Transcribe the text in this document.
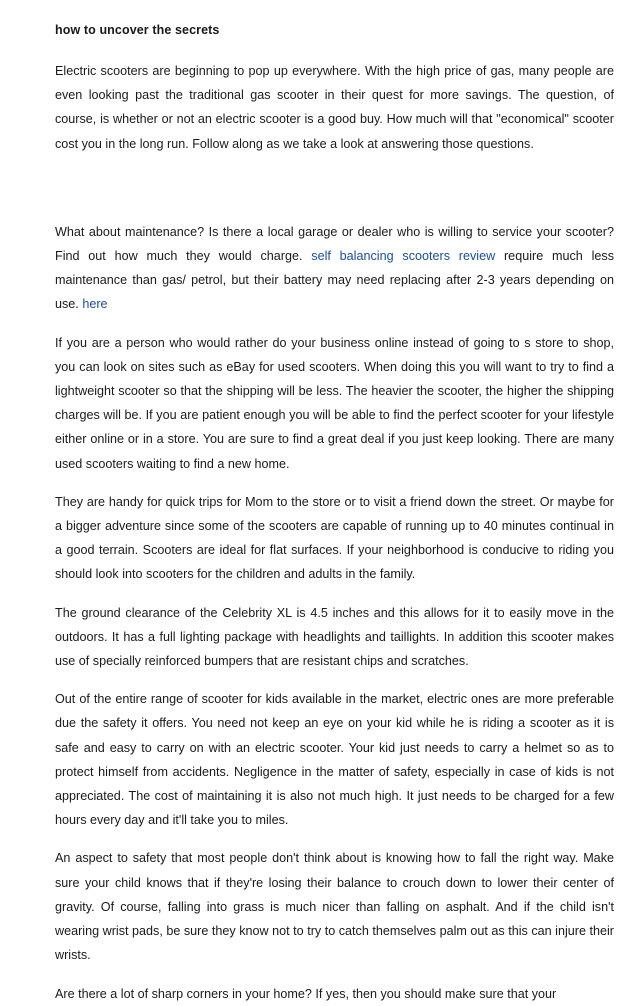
how to uncover the secrets

Electric scooters are beginning to pop up everywhere. With the high price of gas, many people are even looking past the traditional gas scooter in their quest for more savings. The question, of course, is whether or not an electric scooter is a good buy. How much will that "economical" scooter cost you in the long run. Follow along as we take a look at answering those questions.

What about maintenance? Is there a local garage or dealer who is willing to service your scooter? Find out how much they would charge. self balancing scooters review require much less maintenance than gas/ petrol, but their battery may need replacing after 2-3 years depending on use. here

If you are a person who would rather do your business online instead of going to s store to shop, you can look on sites such as eBay for used scooters. When doing this you will want to try to find a lightweight scooter so that the shipping will be less. The heavier the scooter, the higher the shipping charges will be. If you are patient enough you will be able to find the perfect scooter for your lifestyle either online or in a store. You are sure to find a great deal if you just keep looking. There are many used scooters waiting to find a new home.

They are handy for quick trips for Mom to the store or to visit a friend down the street. Or maybe for a bigger adventure since some of the scooters are capable of running up to 40 minutes continual in a good terrain. Scooters are ideal for flat surfaces. If your neighborhood is conducive to riding you should look into scooters for the children and adults in the family.

The ground clearance of the Celebrity XL is 4.5 inches and this allows for it to easily move in the outdoors. It has a full lighting package with headlights and taillights. In addition this scooter makes use of specially reinforced bumpers that are resistant chips and scratches.

Out of the entire range of scooter for kids available in the market, electric ones are more preferable due the safety it offers. You need not keep an eye on your kid while he is riding a scooter as it is safe and easy to carry on with an electric scooter. Your kid just needs to carry a helmet so as to protect himself from accidents. Negligence in the matter of safety, especially in case of kids is not appreciated. The cost of maintaining it is also not much high. It just needs to be charged for a few hours every day and it'll take you to miles.

An aspect to safety that most people don't think about is knowing how to fall the right way. Make sure your child knows that if they're losing their balance to crouch down to lower their center of gravity. Of course, falling into grass is much nicer than falling on asphalt. And if the child isn't wearing wrist pads, be sure they know not to try to catch themselves palm out as this can injure their wrists.

Are there a lot of sharp corners in your home? If yes, then you should make sure that your
